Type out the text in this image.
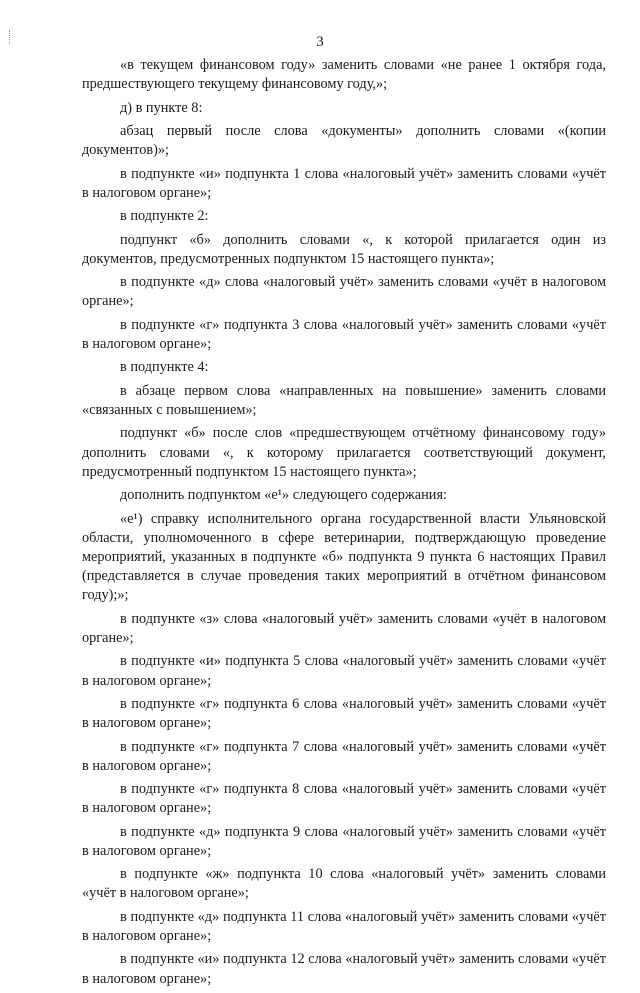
3

«в текущем финансовом году» заменить словами «не ранее 1 октября года, предшествующего текущему финансовому году,»;

д) в пункте 8:

абзац первый после слова «документы» дополнить словами «(копии документов)»;

в подпункте «и» подпункта 1 слова «налоговый учёт» заменить словами «учёт в налоговом органе»;

в подпункте 2:

подпункт «б» дополнить словами «, к которой прилагается один из документов, предусмотренных подпунктом 15 настоящего пункта»;

в подпункте «д» слова «налоговый учёт» заменить словами «учёт в налоговом органе»;

в подпункте «г» подпункта 3 слова «налоговый учёт» заменить словами «учёт в налоговом органе»;

в подпункте 4:

в абзаце первом слова «направленных на повышение» заменить словами «связанных с повышением»;

подпункт «б» после слов «предшествующем отчётному финансовому году» дополнить словами «, к которому прилагается соответствующий документ, предусмотренный подпунктом 15 настоящего пункта»;

дополнить подпунктом «е¹» следующего содержания:

«е¹) справку исполнительного органа государственной власти Ульяновской области, уполномоченного в сфере ветеринарии, подтверждающую проведение мероприятий, указанных в подпункте «б» подпункта 9 пункта 6 настоящих Правил (представляется в случае проведения таких мероприятий в отчётном финансовом году);»;

в подпункте «з» слова «налоговый учёт» заменить словами «учёт в налоговом органе»;

в подпункте «и» подпункта 5 слова «налоговый учёт» заменить словами «учёт в налоговом органе»;

в подпункте «г» подпункта 6 слова «налоговый учёт» заменить словами «учёт в налоговом органе»;

в подпункте «г» подпункта 7 слова «налоговый учёт» заменить словами «учёт в налоговом органе»;

в подпункте «г» подпункта 8 слова «налоговый учёт» заменить словами «учёт в налоговом органе»;

в подпункте «д» подпункта 9 слова «налоговый учёт» заменить словами «учёт в налоговом органе»;

в подпункте «ж» подпункта 10 слова «налоговый учёт» заменить словами «учёт в налоговом органе»;

в подпункте «д» подпункта 11 слова «налоговый учёт» заменить словами «учёт в налоговом органе»;

в подпункте «и» подпункта 12 слова «налоговый учёт» заменить словами «учёт в налоговом органе»;
